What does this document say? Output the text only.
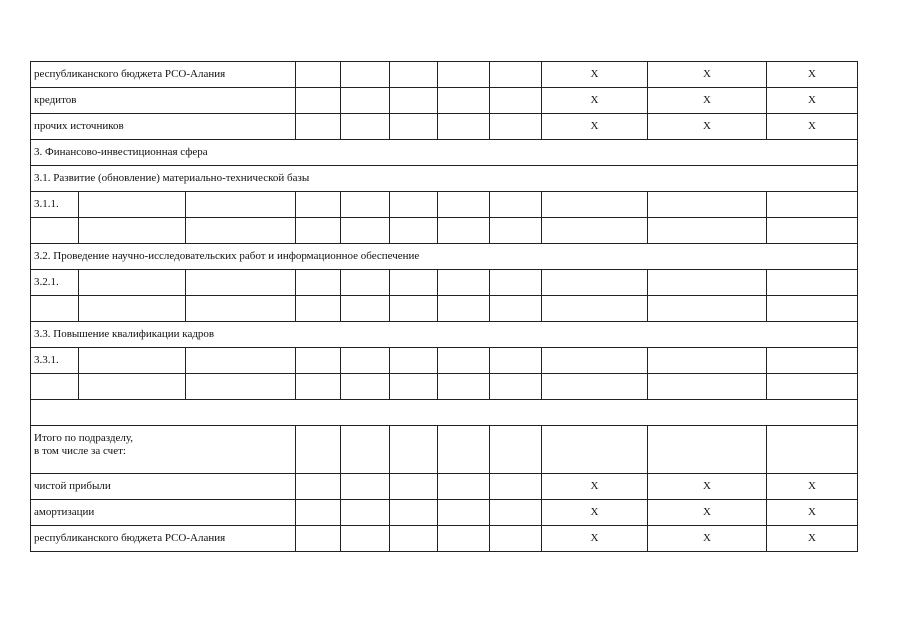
республиканского бюджета РСО-Алания								X	X	X
кредитов								X	X	X
прочих источников								X	X	X
3. Финансово-инвестиционная сфера										
3.1. Развитие (обновление) материально-технической базы										
3.1.1.										

3.2. Проведение научно-исследовательских работ и информационное обеспечение										
3.2.1.										

3.3. Повышение квалификации кадров										
3.3.1.										

Итого по подразделу,
в том числе за счет:										
чистой прибыли								X	X	X
амортизации								X	X	X
республиканского бюджета РСО-Алания								X	X	X
